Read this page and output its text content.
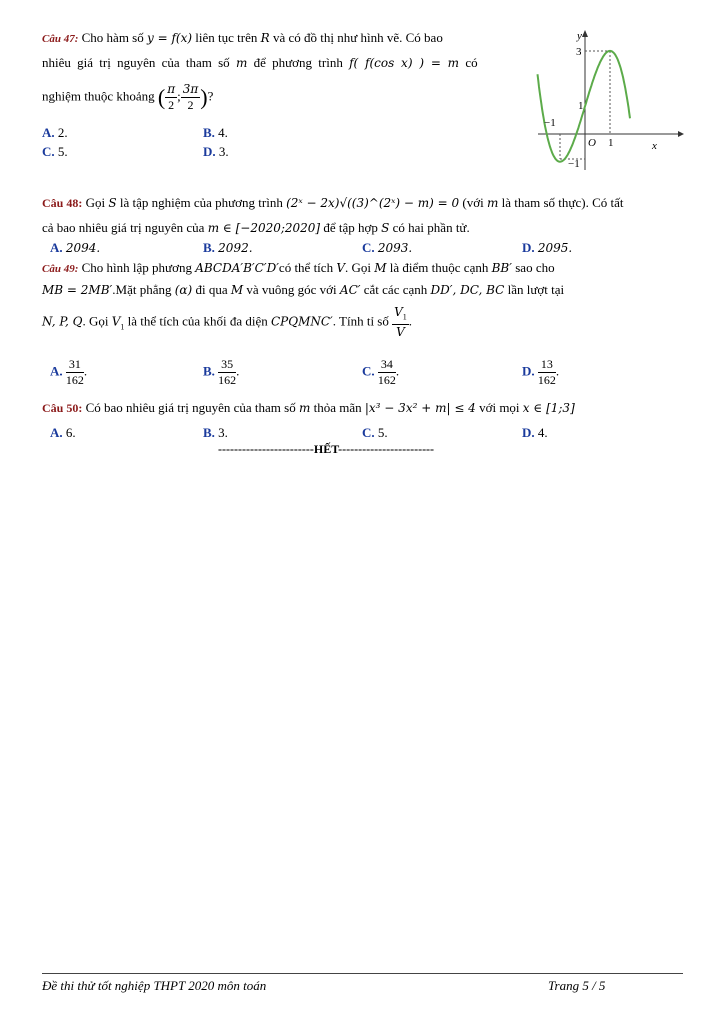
Câu 47: Cho hàm số y = f(x) liên tục trên R và có đồ thị như hình vẽ. Có bao
nhiêu giá trị nguyên của tham số m để phương trình f( f(cos x) ) = m có
nghiệm thuộc khoảng ( $\frac{\pi}{2}$ ; $\frac{3\pi}{2}$ )?
A. 2.	B. 4.
C. 5.	D. 3.
y
x
O
3
1
−1
1
−1
Câu 48: Gọi S là tập nghiệm của phương trình (2ˣ − 2x)√((3)^(2ˣ) − m) = 0 (với m là tham số thực). Có tất
cả bao nhiêu giá trị nguyên của m ∈ [−2020;2020] để tập hợp S có hai phần tử.
A. 2094.	B. 2092.	C. 2093.	D. 2095.
Câu 49: Cho hình lập phương ABCDA′B′C′D′có thể tích V. Gọi M là điểm thuộc cạnh BB′ sao cho
MB = 2MB′.Mặt phẳng (α) đi qua M và vuông góc với AC′ cắt các cạnh DD′, DC, BC lần lượt tại
N, P, Q. Gọi $V_1$ là thể tích của khối đa diện CPQMNC′. Tính tỉ số $\frac{V_1}{V}$ .
A. $\frac{31}{162}$ .	B. $\frac{35}{162}$ .	C. $\frac{34}{162}$ .	D. $\frac{13}{162}$ .
Câu 50: Có bao nhiêu giá trị nguyên của tham số m thỏa mãn |x³ − 3x² + m| ≤ 4 với mọi x ∈ [1;3]
A. 6.	B. 3.	C. 5.	D. 4.
------------------------HẾT------------------------
Đề thi thử tốt nghiệp THPT 2020 môn toán	Trang 5 / 5
